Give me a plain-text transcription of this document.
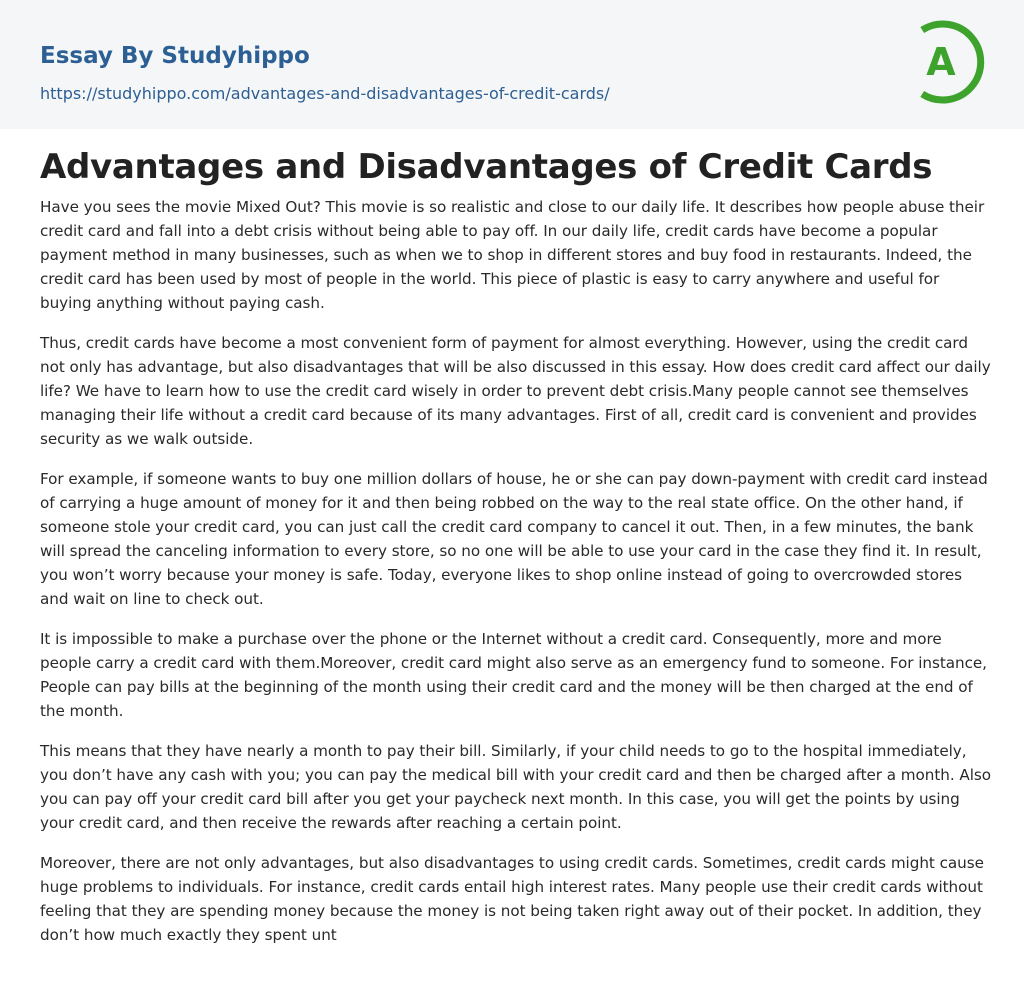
Essay By Studyhippo
https://studyhippo.com/advantages-and-disadvantages-of-credit-cards/
A
Advantages and Disadvantages of Credit Cards

Have you sees the movie Mixed Out? This movie is so realistic and close to our daily life. It describes how people abuse their credit card and fall into a debt crisis without being able to pay off. In our daily life, credit cards have become a popular payment method in many businesses, such as when we to shop in different stores and buy food in restaurants. Indeed, the credit card has been used by most of people in the world. This piece of plastic is easy to carry anywhere and useful for buying anything without paying cash.

Thus, credit cards have become a most convenient form of payment for almost everything. However, using the credit card not only has advantage, but also disadvantages that will be also discussed in this essay. How does credit card affect our daily life? We have to learn how to use the credit card wisely in order to prevent debt crisis.Many people cannot see themselves managing their life without a credit card because of its many advantages. First of all, credit card is convenient and provides security as we walk outside.

For example, if someone wants to buy one million dollars of house, he or she can pay down-payment with credit card instead of carrying a huge amount of money for it and then being robbed on the way to the real state office. On the other hand, if someone stole your credit card, you can just call the credit card company to cancel it out. Then, in a few minutes, the bank will spread the canceling information to every store, so no one will be able to use your card in the case they find it. In result, you won’t worry because your money is safe. Today, everyone likes to shop online instead of going to overcrowded stores and wait on line to check out.

It is impossible to make a purchase over the phone or the Internet without a credit card. Consequently, more and more people carry a credit card with them.Moreover, credit card might also serve as an emergency fund to someone. For instance, People can pay bills at the beginning of the month using their credit card and the money will be then charged at the end of the month.

This means that they have nearly a month to pay their bill. Similarly, if your child needs to go to the hospital immediately, you don’t have any cash with you; you can pay the medical bill with your credit card and then be charged after a month. Also you can pay off your credit card bill after you get your paycheck next month. In this case, you will get the points by using your credit card, and then receive the rewards after reaching a certain point.

Moreover, there are not only advantages, but also disadvantages to using credit cards. Sometimes, credit cards might cause huge problems to individuals. For instance, credit cards entail high interest rates. Many people use their credit cards without feeling that they are spending money because the money is not being taken right away out of their pocket. In addition, they don’t how much exactly they spent unt
